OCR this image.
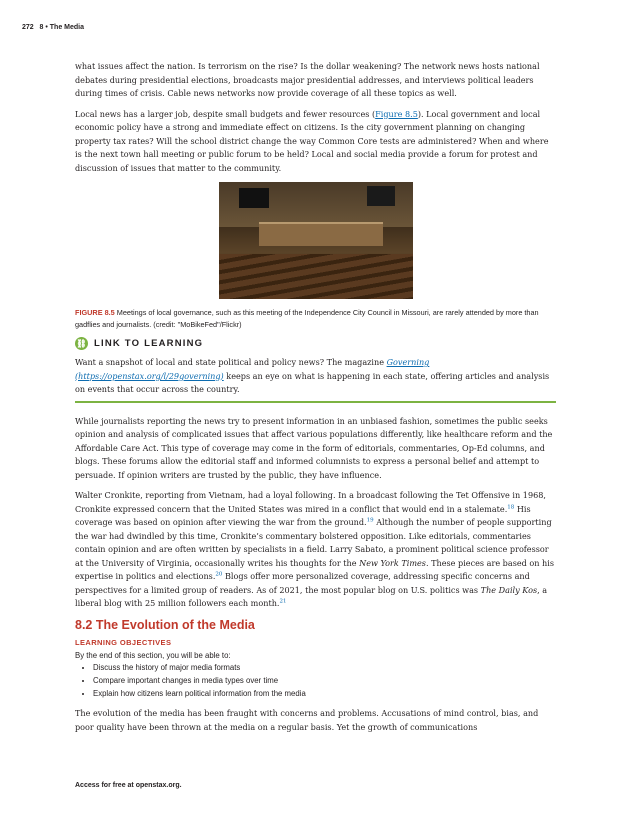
272 8 • The Media

what issues affect the nation. Is terrorism on the rise? Is the dollar weakening? The network news hosts national debates during presidential elections, broadcasts major presidential addresses, and interviews political leaders during times of crisis. Cable news networks now provide coverage of all these topics as well.

Local news has a larger job, despite small budgets and fewer resources (Figure 8.5). Local government and local economic policy have a strong and immediate effect on citizens. Is the city government planning on changing property tax rates? Will the school district change the way Common Core tests are administered? When and where is the next town hall meeting or public forum to be held? Local and social media provide a forum for protest and discussion of issues that matter to the community.

FIGURE 8.5 Meetings of local governance, such as this meeting of the Independence City Council in Missouri, are rarely attended by more than gadflies and journalists. (credit: "MoBikeFed"/Flickr)

⛓ LINK TO LEARNING

Want a snapshot of local and state political and policy news? The magazine Governing (https://openstax.org/l/29governing) keeps an eye on what is happening in each state, offering articles and analysis on events that occur across the country.

While journalists reporting the news try to present information in an unbiased fashion, sometimes the public seeks opinion and analysis of complicated issues that affect various populations differently, like healthcare reform and the Affordable Care Act. This type of coverage may come in the form of editorials, commentaries, Op-Ed columns, and blogs. These forums allow the editorial staff and informed columnists to express a personal belief and attempt to persuade. If opinion writers are trusted by the public, they have influence.

Walter Cronkite, reporting from Vietnam, had a loyal following. In a broadcast following the Tet Offensive in 1968, Cronkite expressed concern that the United States was mired in a conflict that would end in a stalemate.$^{18}$ His coverage was based on opinion after viewing the war from the ground.$^{19}$ Although the number of people supporting the war had dwindled by this time, Cronkite’s commentary bolstered opposition. Like editorials, commentaries contain opinion and are often written by specialists in a field. Larry Sabato, a prominent political science professor at the University of Virginia, occasionally writes his thoughts for the New York Times. These pieces are based on his expertise in politics and elections.$^{20}$ Blogs offer more personalized coverage, addressing specific concerns and perspectives for a limited group of readers. As of 2021, the most popular blog on U.S. politics was The Daily Kos, a liberal blog with 25 million followers each month.$^{21}$

8.2 The Evolution of the Media
LEARNING OBJECTIVES
By the end of this section, you will be able to:
• Discuss the history of major media formats
• Compare important changes in media types over time
• Explain how citizens learn political information from the media

The evolution of the media has been fraught with concerns and problems. Accusations of mind control, bias, and poor quality have been thrown at the media on a regular basis. Yet the growth of communications

Access for free at openstax.org.
